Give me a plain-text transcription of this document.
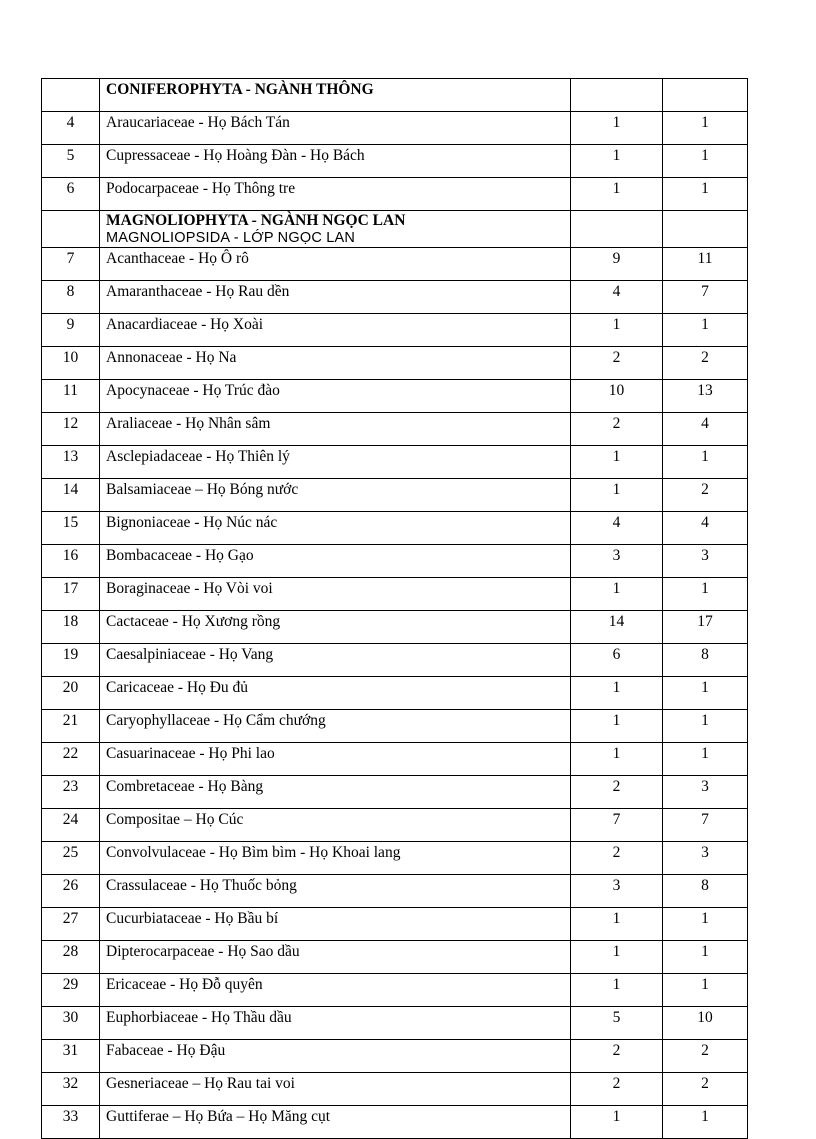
	CONIFEROPHYTA - NGÀNH THÔNG		
4	Araucariaceae - Họ Bách Tán	1	1
5	Cupressaceae - Họ Hoàng Đàn - Họ Bách	1	1
6	Podocarpaceae - Họ Thông tre	1	1

	MAGNOLIOPHYTA - NGÀNH NGỌC LAN
MAGNOLIOPSIDA - LỚP NGỌC LAN		

7	Acanthaceae - Họ Ô rô	9	11
8	Amaranthaceae - Họ Rau dền	4	7
9	Anacardiaceae - Họ Xoài	1	1
10	Annonaceae - Họ Na	2	2
11	Apocynaceae - Họ Trúc đào	10	13
12	Araliaceae - Họ Nhân sâm	2	4
13	Asclepiadaceae - Họ Thiên lý	1	1
14	Balsamiaceae – Họ Bóng nước	1	2
15	Bignoniaceae - Họ Núc nác	4	4
16	Bombacaceae - Họ Gạo	3	3
17	Boraginaceae - Họ Vòi voi	1	1
18	Cactaceae - Họ Xương rồng	14	17
19	Caesalpiniaceae - Họ Vang	6	8
20	Caricaceae - Họ Đu đủ	1	1
21	Caryophyllaceae - Họ Cẩm chướng	1	1
22	Casuarinaceae - Họ Phi lao	1	1
23	Combretaceae - Họ Bàng	2	3
24	Compositae – Họ Cúc	7	7
25	Convolvulaceae - Họ Bìm bìm - Họ Khoai lang	2	3
26	Crassulaceae - Họ Thuốc bỏng	3	8
27	Cucurbiataceae - Họ Bầu bí	1	1
28	Dipterocarpaceae - Họ Sao dầu	1	1
29	Ericaceae - Họ Đỗ quyên	1	1
30	Euphorbiaceae - Họ Thầu dầu	5	10
31	Fabaceae - Họ Đậu	2	2
32	Gesneriaceae – Họ Rau tai voi	2	2
33	Guttiferae – Họ Bứa – Họ Măng cụt	1	1
